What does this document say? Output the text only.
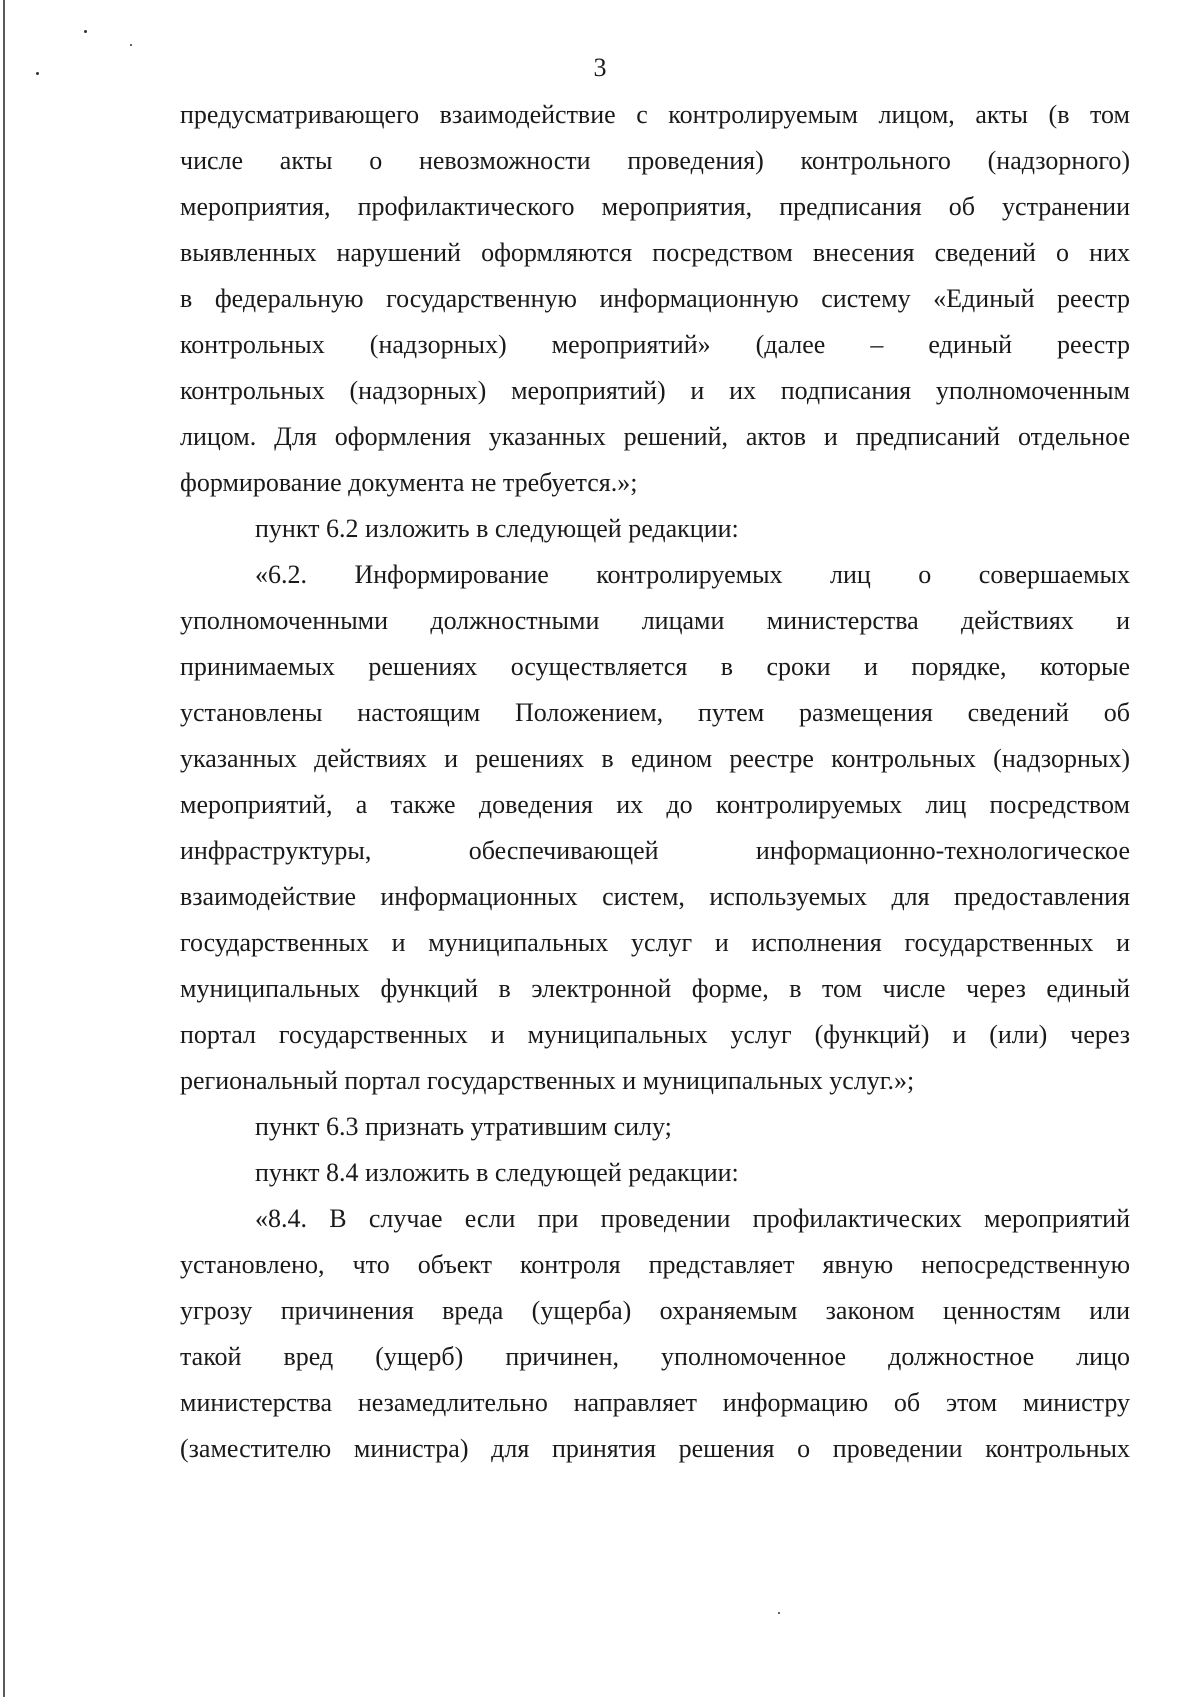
3
предусматривающего взаимодействие с контролируемым лицом, акты (в том
числе акты о невозможности проведения) контрольного (надзорного)
мероприятия, профилактического мероприятия, предписания об устранении
выявленных нарушений оформляются посредством внесения сведений о них
в федеральную государственную информационную систему «Единый реестр
контрольных (надзорных) мероприятий» (далее – единый реестр
контрольных (надзорных) мероприятий) и их подписания уполномоченным
лицом. Для оформления указанных решений, актов и предписаний отдельное
формирование документа не требуется.»;
пункт 6.2 изложить в следующей редакции:
«6.2. Информирование контролируемых лиц о совершаемых
уполномоченными должностными лицами министерства действиях и
принимаемых решениях осуществляется в сроки и порядке, которые
установлены настоящим Положением, путем размещения сведений об
указанных действиях и решениях в едином реестре контрольных (надзорных)
мероприятий, а также доведения их до контролируемых лиц посредством
инфраструктуры, обеспечивающей информационно-технологическое
взаимодействие информационных систем, используемых для предоставления
государственных и муниципальных услуг и исполнения государственных и
муниципальных функций в электронной форме, в том числе через единый
портал государственных и муниципальных услуг (функций) и (или) через
региональный портал государственных и муниципальных услуг.»;
пункт 6.3 признать утратившим силу;
пункт 8.4 изложить в следующей редакции:
«8.4. В случае если при проведении профилактических мероприятий
установлено, что объект контроля представляет явную непосредственную
угрозу причинения вреда (ущерба) охраняемым законом ценностям или
такой вред (ущерб) причинен, уполномоченное должностное лицо
министерства незамедлительно направляет информацию об этом министру
(заместителю министра) для принятия решения о проведении контрольных
